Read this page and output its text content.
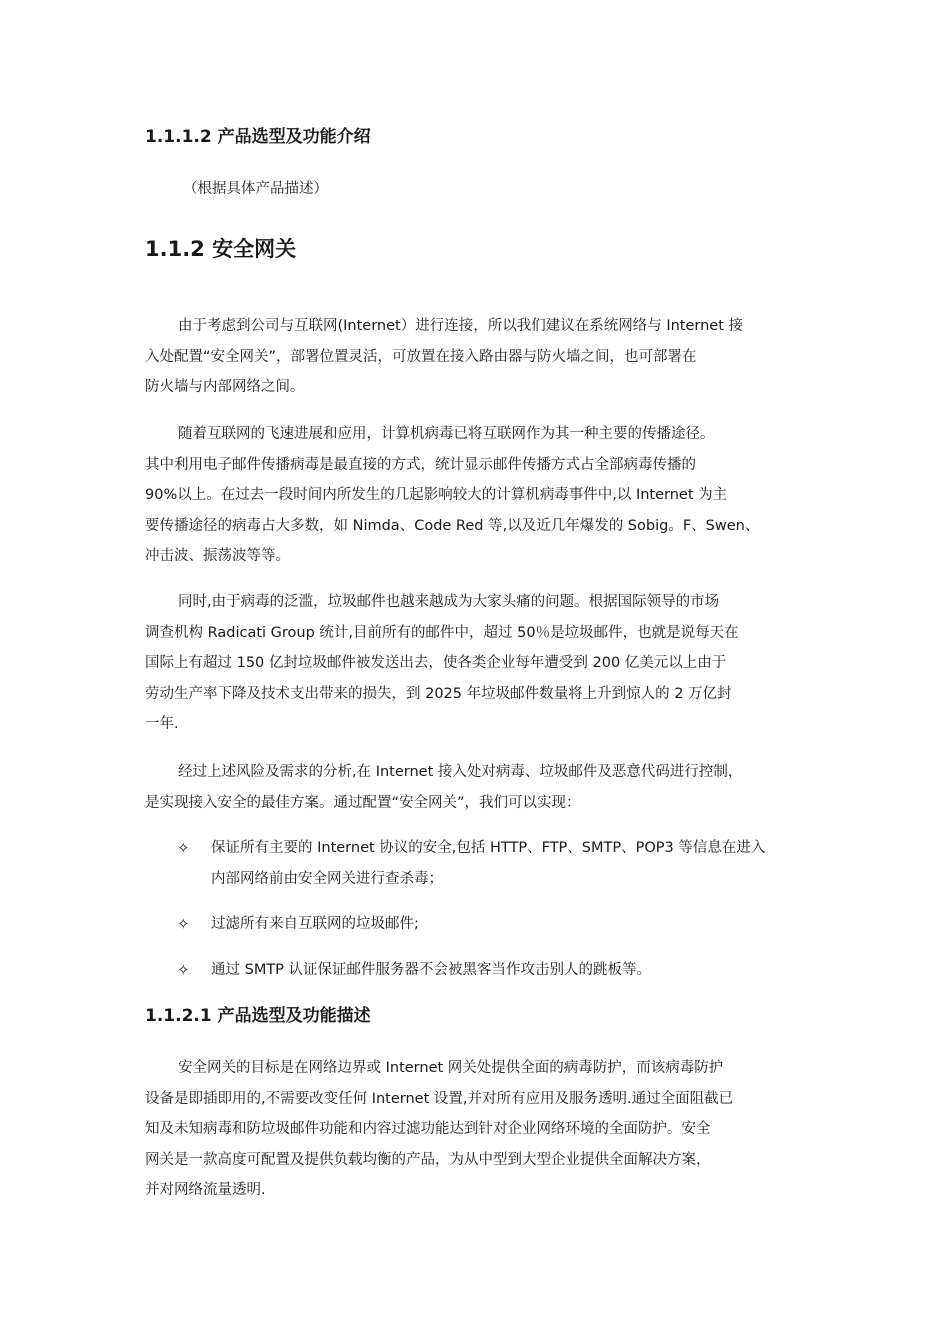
1.1.1.2 产品选型及功能介绍
（根据具体产品描述）
1.1.2 安全网关
由于考虑到公司与互联网(Internet）进行连接，所以我们建议在系统网络与 Internet 接
入处配置“安全网关”，部署位置灵活，可放置在接入路由器与防火墙之间，也可部署在
防火墙与内部网络之间。
随着互联网的飞速进展和应用，计算机病毒已将互联网作为其一种主要的传播途径。
其中利用电子邮件传播病毒是最直接的方式，统计显示邮件传播方式占全部病毒传播的
90%以上。在过去一段时间内所发生的几起影响较大的计算机病毒事件中,以 Internet 为主
要传播途径的病毒占大多数，如 Nimda、Code Red 等,以及近几年爆发的 Sobig。F、Swen、
冲击波、振荡波等等。
同时,由于病毒的泛滥，垃圾邮件也越来越成为大家头痛的问题。根据国际领导的市场
调查机构 Radicati Group 统计,目前所有的邮件中，超过 50％是垃圾邮件，也就是说每天在
国际上有超过 150 亿封垃圾邮件被发送出去，使各类企业每年遭受到 200 亿美元以上由于
劳动生产率下降及技术支出带来的损失，到 2025 年垃圾邮件数量将上升到惊人的 2 万亿封
一年.
经过上述风险及需求的分析,在 Internet 接入处对病毒、垃圾邮件及恶意代码进行控制，
是实现接入安全的最佳方案。通过配置“安全网关”，我们可以实现：
✧	保证所有主要的 Internet 协议的安全,包括 HTTP、FTP、SMTP、POP3 等信息在进入
内部网络前由安全网关进行查杀毒；
✧	过滤所有来自互联网的垃圾邮件;
✧	通过 SMTP 认证保证邮件服务器不会被黑客当作攻击别人的跳板等。
1.1.2.1 产品选型及功能描述
安全网关的目标是在网络边界或 Internet 网关处提供全面的病毒防护，而该病毒防护
设备是即插即用的,不需要改变任何 Internet 设置,并对所有应用及服务透明.通过全面阻截已
知及未知病毒和防垃圾邮件功能和内容过滤功能达到针对企业网络环境的全面防护。安全
网关是一款高度可配置及提供负载均衡的产品，为从中型到大型企业提供全面解决方案，
并对网络流量透明.
